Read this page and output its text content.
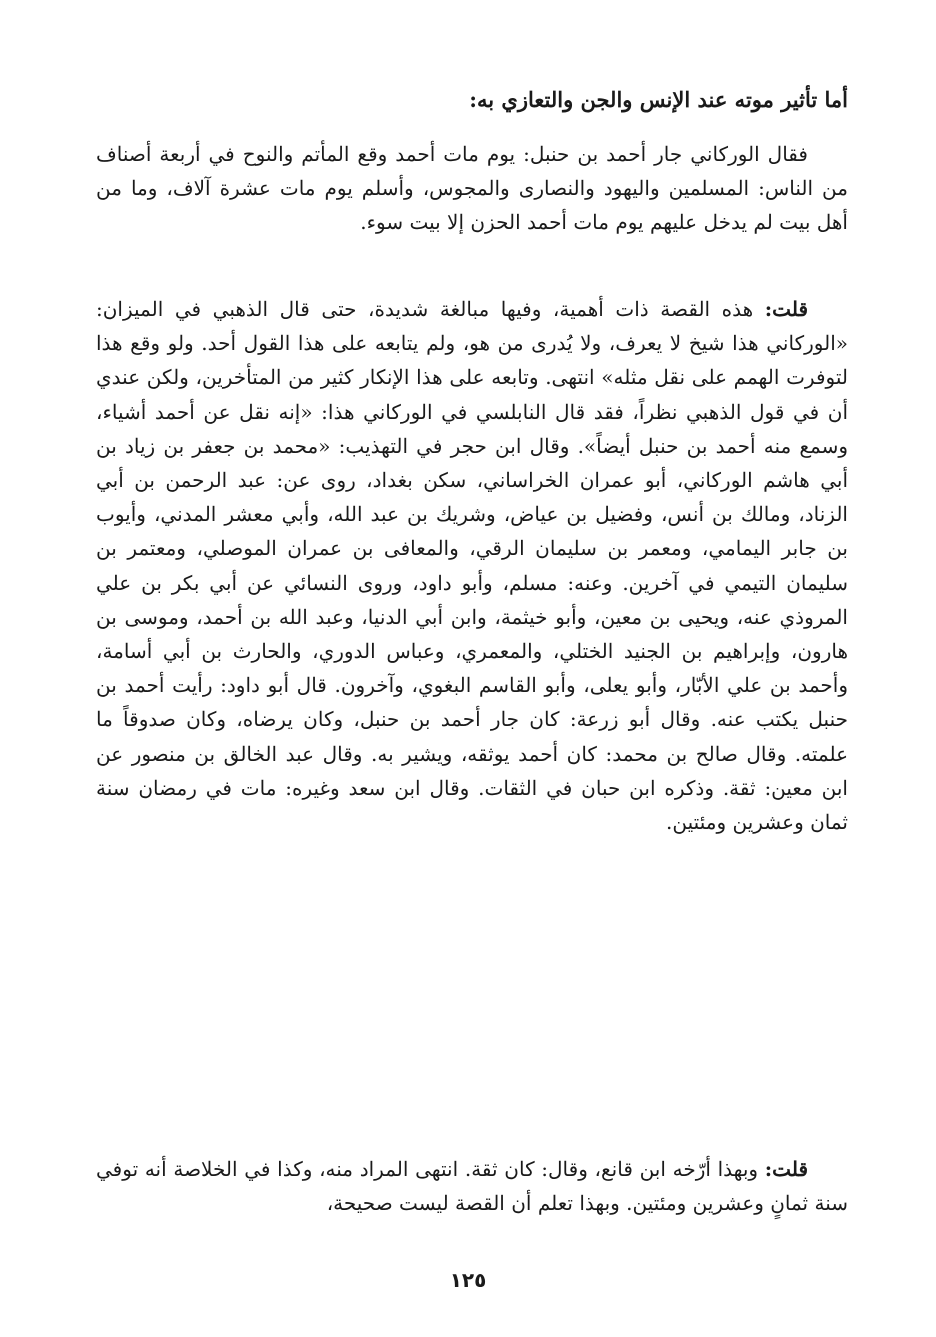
أما تأثير موته عند الإنس والجن والتعازي به:
فقال الوركاني جار أحمد بن حنبل: يوم مات أحمد وقع المأتم والنوح في أربعة أصناف من الناس: المسلمين واليهود والنصارى والمجوس، وأسلم يوم مات عشرة آلاف، وما من أهل بيت لم يدخل عليهم يوم مات أحمد الحزن إلا بيت سوء.
قلت: هذه القصة ذات أهمية، وفيها مبالغة شديدة، حتى قال الذهبي في الميزان: «الوركاني هذا شيخ لا يعرف، ولا يُدرى من هو، ولم يتابعه على هذا القول أحد. ولو وقع هذا لتوفرت الهمم على نقل مثله» انتهى. وتابعه على هذا الإنكار كثير من المتأخرين، ولكن عندي أن في قول الذهبي نظراً، فقد قال النابلسي في الوركاني هذا: «إنه نقل عن أحمد أشياء، وسمع منه أحمد بن حنبل أيضاً». وقال ابن حجر في التهذيب: «محمد بن جعفر بن زياد بن أبي هاشم الوركاني، أبو عمران الخراساني، سكن بغداد، روى عن: عبد الرحمن بن أبي الزناد، ومالك بن أنس، وفضيل بن عياض، وشريك بن عبد الله، وأبي معشر المدني، وأيوب بن جابر اليمامي، ومعمر بن سليمان الرقي، والمعافى بن عمران الموصلي، ومعتمر بن سليمان التيمي في آخرين. وعنه: مسلم، وأبو داود، وروى النسائي عن أبي بكر بن علي المروذي عنه، ويحيى بن معين، وأبو خيثمة، وابن أبي الدنيا، وعبد الله بن أحمد، وموسى بن هارون، وإبراهيم بن الجنيد الختلي، والمعمري، وعباس الدوري، والحارث بن أبي أسامة، وأحمد بن علي الأبّار، وأبو يعلى، وأبو القاسم البغوي، وآخرون. قال أبو داود: رأيت أحمد بن حنبل يكتب عنه. وقال أبو زرعة: كان جار أحمد بن حنبل، وكان يرضاه، وكان صدوقاً ما علمته. وقال صالح بن محمد: كان أحمد يوثقه، ويشير به. وقال عبد الخالق بن منصور عن ابن معين: ثقة. وذكره ابن حبان في الثقات. وقال ابن سعد وغيره: مات في رمضان سنة ثمان وعشرين ومئتين.
قلت: وبهذا أرّخه ابن قانع، وقال: كان ثقة. انتهى المراد منه، وكذا في الخلاصة أنه توفي سنة ثمانٍ وعشرين ومئتين. وبهذا تعلم أن القصة ليست صحيحة،
١٢٥
